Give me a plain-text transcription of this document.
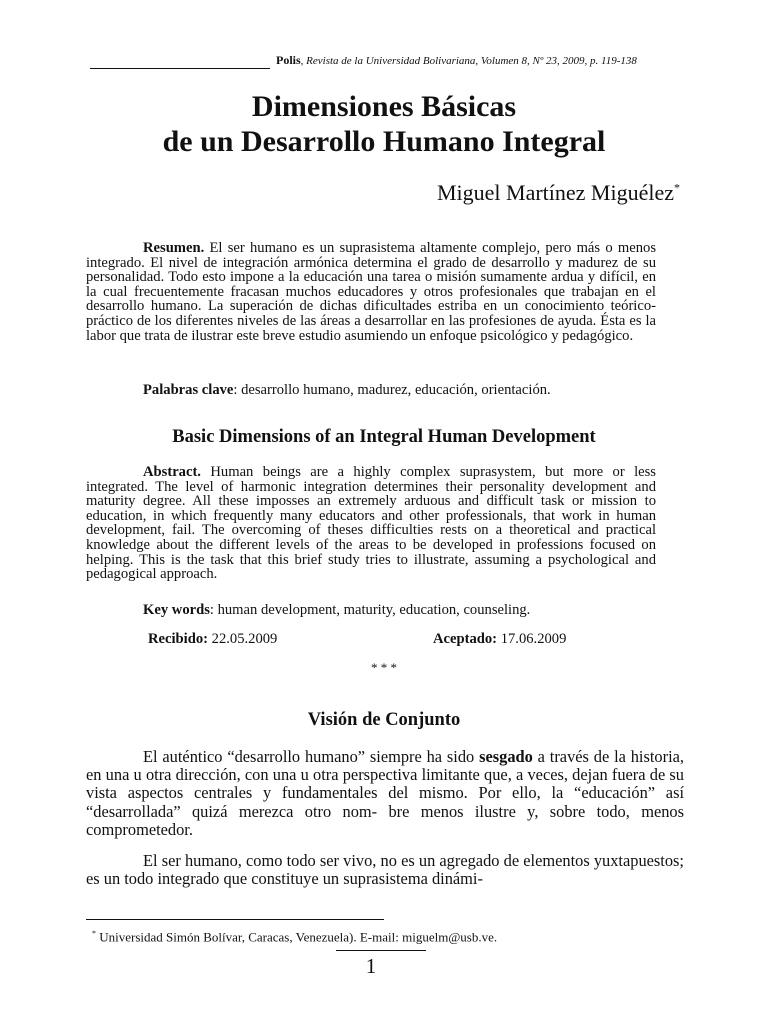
Polis, Revista de la Universidad Bolivariana, Volumen 8, Nº 23, 2009, p. 119-138
Dimensiones Básicas
de un Desarrollo Humano Integral

Miguel Martínez Miguélez*

Resumen. El ser humano es un suprasistema altamente complejo, pero más o menos integrado. El nivel de integración armónica determina el grado de desarrollo y madurez de su personalidad. Todo esto impone a la educación una tarea o misión sumamente ardua y difícil, en la cual frecuentemente fracasan muchos educadores y otros profesionales que trabajan en el desarrollo humano. La superación de dichas dificultades estriba en un conocimiento teórico-práctico de los diferentes niveles de las áreas a desarrollar en las profesiones de ayuda. Ésta es la labor que trata de ilustrar este breve estudio asumiendo un enfoque psicológico y pedagógico.

Palabras clave: desarrollo humano, madurez, educación, orientación.

Basic Dimensions of an Integral Human Development

Abstract. Human beings are a highly complex suprasystem, but more or less integrated. The level of harmonic integration determines their personality development and maturity degree. All these imposses an extremely arduous and difficult task or mission to education, in which frequently many educators and other professionals, that work in human development, fail. The overcoming of theses difficulties rests on a theoretical and practical knowledge about the different levels of the areas to be developed in professions focused on helping. This is the task that this brief study tries to illustrate, assuming a psychological and pedagogical approach.

Key words: human development, maturity, education, counseling.

Recibido: 22.05.2009	Aceptado: 17.06.2009

* * *

Visión de Conjunto

El auténtico “desarrollo humano” siempre ha sido sesgado a través de la historia, en una u otra dirección, con una u otra perspectiva limitante que, a veces, dejan fuera de su vista aspectos centrales y fundamentales del mismo. Por ello, la “educación” así “desarrollada” quizá merezca otro nom- bre menos ilustre y, sobre todo, menos comprometedor.

El ser humano, como todo ser vivo, no es un agregado de elementos yuxtapuestos; es un todo integrado que constituye un suprasistema dinámi-

* Universidad Simón Bolívar, Caracas, Venezuela). E-mail: miguelm@usb.ve.

1
